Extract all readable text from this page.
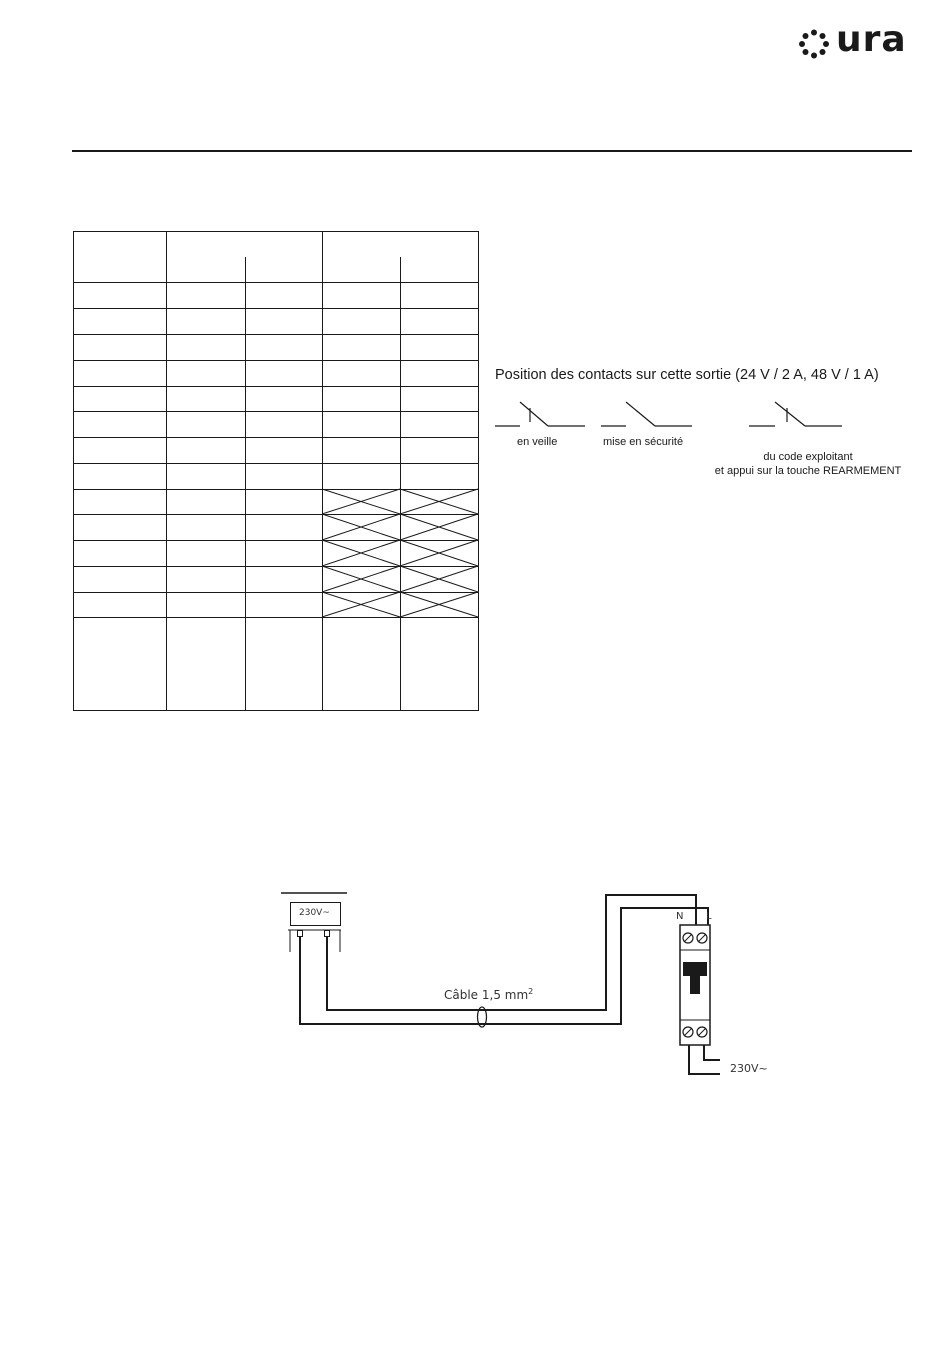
ura
Position des contacts sur cette sortie (24 V / 2 A, 48 V / 1 A)
en veille	mise en sécurité
du code exploitant
et appui sur la touche REARMEMENT
230V~
Câble 1,5 $mm^2$
N L
230V~
